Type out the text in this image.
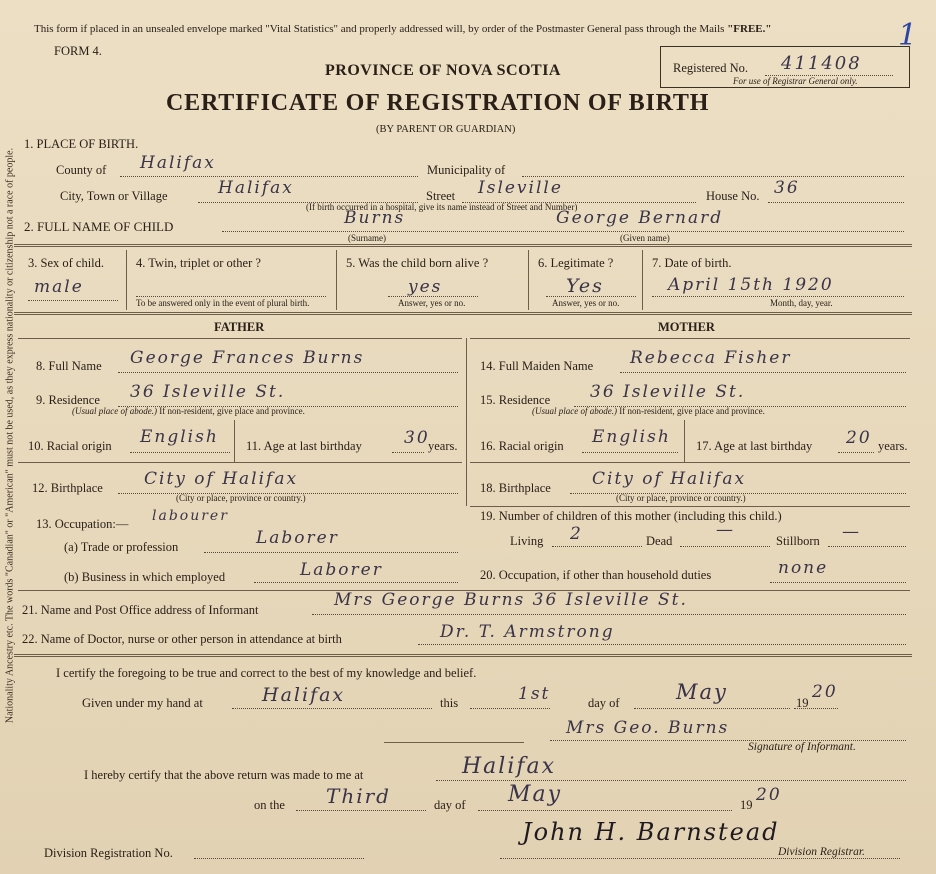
Nationality Ancestry etc. The words "Canadian" or "American" must not be used, as they express nationality or citizenship not a race of people.
This form if placed in an unsealed envelope marked "Vital Statistics" and properly addressed will, by order of the Postmaster General pass through the Mails "FREE."
FORM 4.
PROVINCE OF NOVA SCOTIA
CERTIFICATE OF REGISTRATION OF BIRTH
(BY PARENT OR GUARDIAN)
Registered No. 411408
For use of Registrar General only.
1
1. PLACE OF BIRTH.
County of Halifax	Municipality of
City, Town or Village	Halifax	Street Isleville	House No. 36
(If birth occurred in a hospital, give its name instead of Street and Number)
2. FULL NAME OF CHILD	Burns	George Bernard
(Surname)	(Given name)
3. Sex of child.
male
4. Twin, triplet or other ?
To be answered only in the event of plural birth.
5. Was the child born alive ?
yes
Answer, yes or no.
6. Legitimate ?
Yes
Answer, yes or no.
7. Date of birth.
April 15th 1920
Month, day, year.
FATHER	MOTHER
8. Full Name George Frances Burns
9. Residence 36 Isleville St.
(Usual place of abode.) If non-resident, give place and province.
10. Racial origin English 11. Age at last birthday 30
years.
12. Birthplace City of Halifax
(City or place, province or country.)
13. Occupation:— labourer
(a) Trade or profession	Laborer
(b) Business in which employed	Laborer
14. Full Maiden Name Rebecca Fisher
15. Residence 36 Isleville St.
(Usual place of abode.) If non-resident, give place and province.
16. Racial origin English 17. Age at last birthday 20 years.
18. Birthplace City of Halifax
(City or place, province or country.)
19. Number of children of this mother (including this child.)
Living 2	Dead
—
Stillborn —
20. Occupation, if other than household duties	none
21. Name and Post Office address of Informant	Mrs George Burns 36 Isleville St.
22. Name of Doctor, nurse or other person in attendance at birth	Dr. T. Armstrong
I certify the foregoing to be true and correct to the best of my knowledge and belief.
Given under my hand at	Halifax	this	1st	day of	May	19
20
Mrs Geo. Burns
Signature of Informant.
I hereby certify that the above return was made to me at	Halifax
on the Third	day of May	19 20
Division Registration No.
John H. Barnstead
Division Registrar.
